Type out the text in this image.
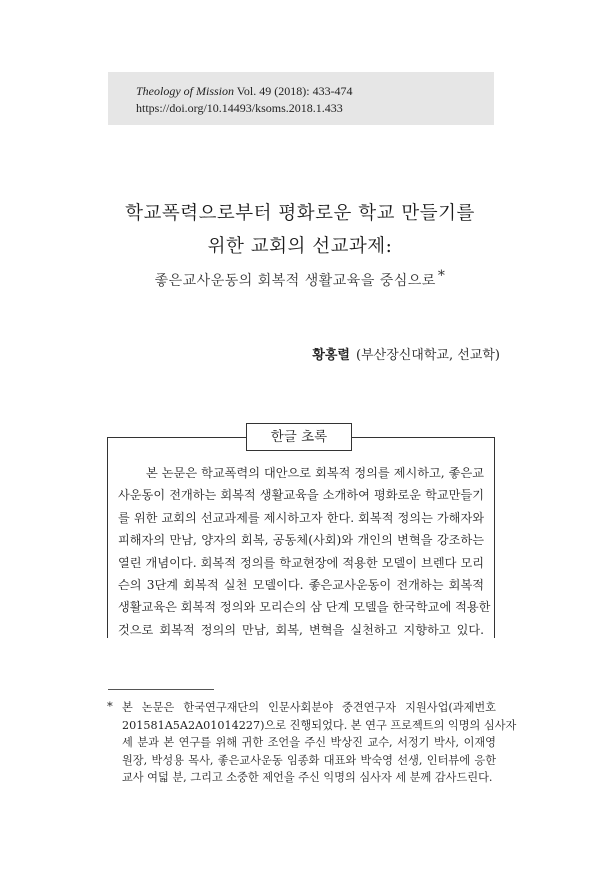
Theology of Mission Vol. 49 (2018): 433-474
https://doi.org/10.14493/ksoms.2018.1.433
학교폭력으로부터 평화로운 학교 만들기를
위한 교회의 선교과제:
좋은교사운동의 회복적 생활교육을 중심으로 *
황홍렬 (부산장신대학교, 선교학)
한글 초록
본 논문은 학교폭력의 대안으로 회복적 정의를 제시하고, 좋은교
사운동이 전개하는 회복적 생활교육을 소개하여 평화로운 학교만들기
를 위한 교회의 선교과제를 제시하고자 한다. 회복적 정의는 가해자와
피해자의 만남, 양자의 회복, 공동체(사회)와 개인의 변혁을 강조하는
열린 개념이다. 회복적 정의를 학교현장에 적용한 모델이 브렌다 모리
슨의 3단계 회복적 실천 모델이다. 좋은교사운동이 전개하는 회복적
생활교육은 회복적 정의와 모리슨의 삼 단계 모델을 한국학교에 적용한
것으로 회복적 정의의 만남, 회복, 변혁을 실천하고 지향하고 있다.
* 본 논문은 한국연구재단의 인문사회분야 중견연구자 지원사업(과제번호
201581A5A2A01014227)으로 진행되었다. 본 연구 프로젝트의 익명의 심사자
세 분과 본 연구를 위해 귀한 조언을 주신 박상진 교수, 서정기 박사, 이재영
원장, 박성용 목사, 좋은교사운동 임종화 대표와 박숙영 선생, 인터뷰에 응한
교사 여덟 분, 그리고 소중한 제언을 주신 익명의 심사자 세 분께 감사드린다.
